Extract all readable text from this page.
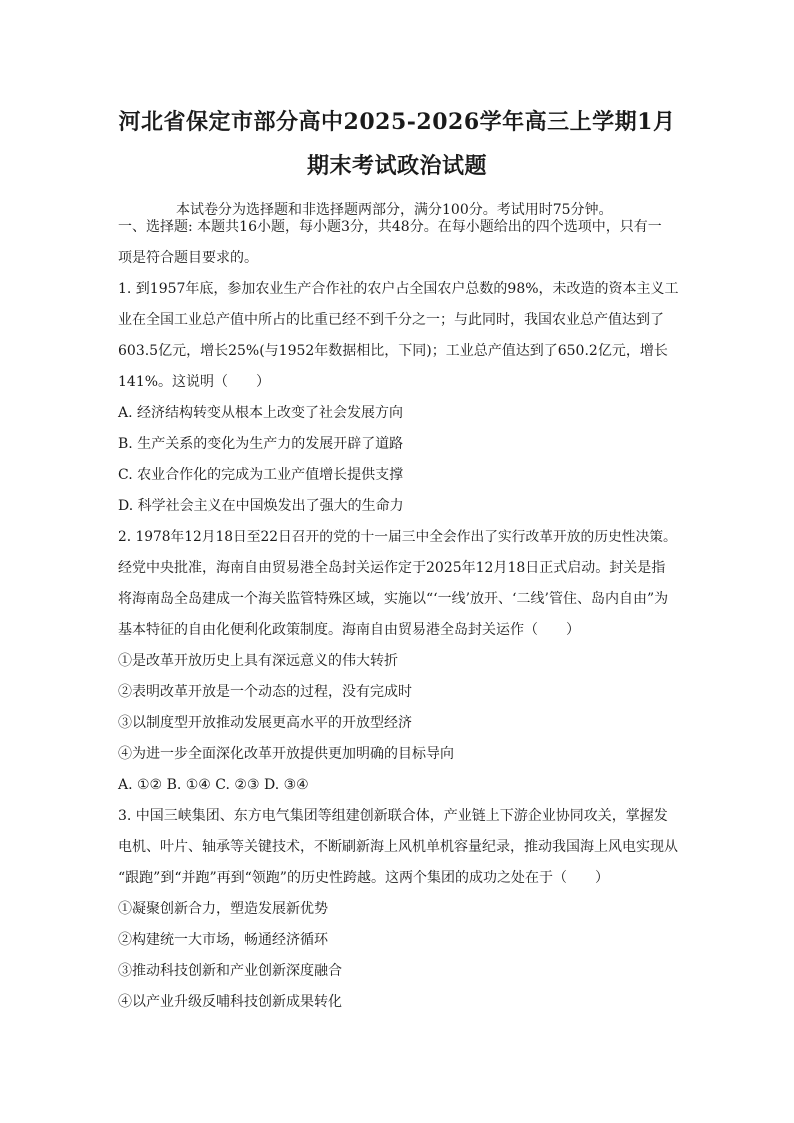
河北省保定市部分高中2025-2026学年高三上学期1月
期末考试政治试题
本试卷分为选择题和非选择题两部分，满分100分。考试用时75分钟。
一、选择题: 本题共16小题，每小题3分，共48分。在每小题给出的四个选项中，只有一
项是符合题目要求的。
1. 到1957年底，参加农业生产合作社的农户占全国农户总数的98%，未改造的资本主义工
业在全国工业总产值中所占的比重已经不到千分之一；与此同时，我国农业总产值达到了
603.5亿元，增长25%(与1952年数据相比，下同)；工业总产值达到了650.2亿元，增长
141%。这说明（　　）
A. 经济结构转变从根本上改变了社会发展方向
B. 生产关系的变化为生产力的发展开辟了道路
C. 农业合作化的完成为工业产值增长提供支撑
D. 科学社会主义在中国焕发出了强大的生命力
2. 1978年12月18日至22日召开的党的十一届三中全会作出了实行改革开放的历史性决策。
经党中央批准，海南自由贸易港全岛封关运作定于2025年12月18日正式启动。封关是指
将海南岛全岛建成一个海关监管特殊区域，实施以“‘一线’放开、‘二线’管住、岛内自由”为
基本特征的自由化便利化政策制度。海南自由贸易港全岛封关运作（　　）
①是改革开放历史上具有深远意义的伟大转折
②表明改革开放是一个动态的过程，没有完成时
③以制度型开放推动发展更高水平的开放型经济
④为进一步全面深化改革开放提供更加明确的目标导向
A. ①② B. ①④ C. ②③ D. ③④
3. 中国三峡集团、东方电气集团等组建创新联合体，产业链上下游企业协同攻关，掌握发
电机、叶片、轴承等关键技术，不断刷新海上风机单机容量纪录，推动我国海上风电实现从
“跟跑”到“并跑”再到“领跑”的历史性跨越。这两个集团的成功之处在于（　　）
①凝聚创新合力，塑造发展新优势
②构建统一大市场，畅通经济循环
③推动科技创新和产业创新深度融合
④以产业升级反哺科技创新成果转化
